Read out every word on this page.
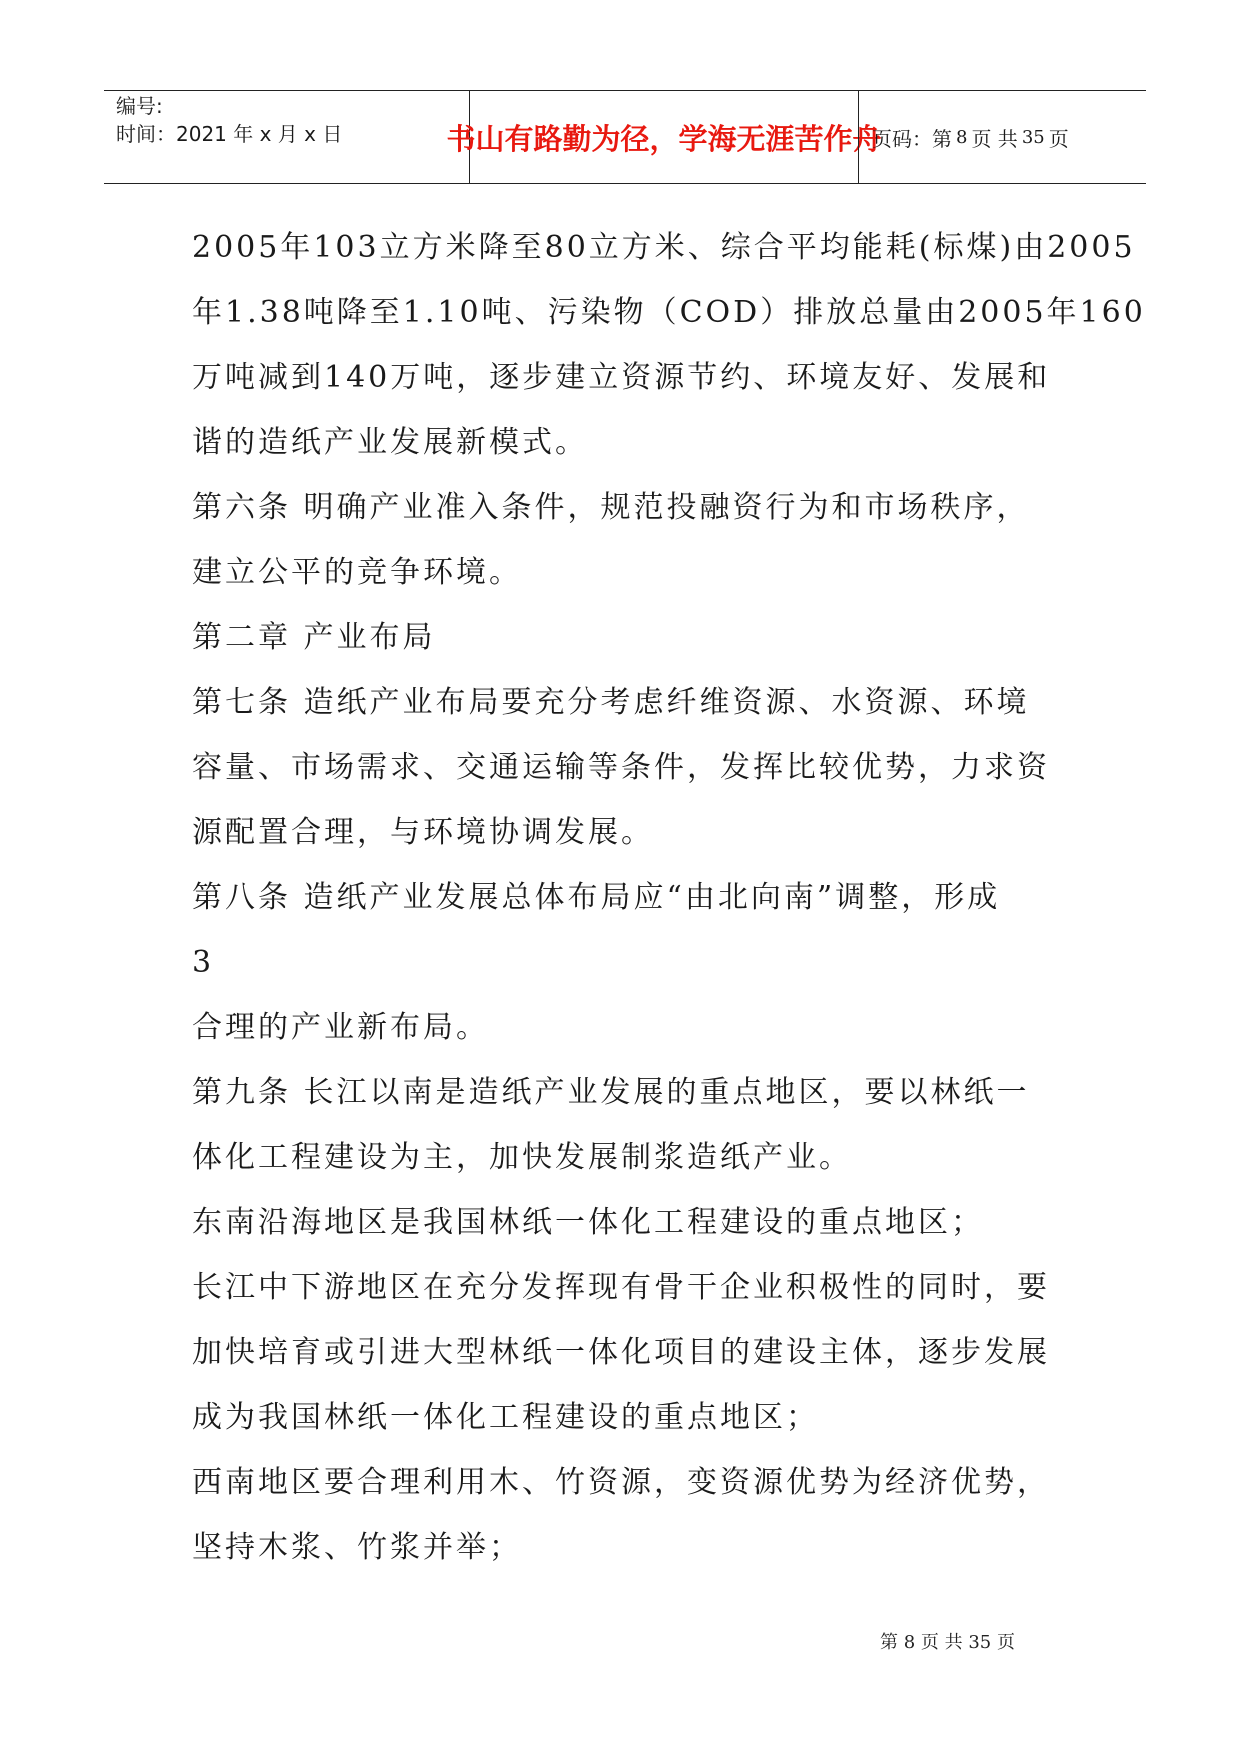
编号:
时间：2021 年 x 月 x 日	书山有路勤为径，学海无涯苦作舟
页码：第 8 页 共 35 页
2005年103立方米降至80立方米、综合平均能耗(标煤)由2005
年1.38吨降至1.10吨、污染物（COD）排放总量由2005年160
万吨减到140万吨，逐步建立资源节约、环境友好、发展和
谐的造纸产业发展新模式。
第六条 明确产业准入条件，规范投融资行为和市场秩序，
建立公平的竞争环境。
第二章 产业布局
第七条 造纸产业布局要充分考虑纤维资源、水资源、环境
容量、市场需求、交通运输等条件，发挥比较优势，力求资
源配置合理，与环境协调发展。
第八条 造纸产业发展总体布局应“由北向南”调整，形成
3
合理的产业新布局。
第九条 长江以南是造纸产业发展的重点地区，要以林纸一
体化工程建设为主，加快发展制浆造纸产业。
东南沿海地区是我国林纸一体化工程建设的重点地区；
长江中下游地区在充分发挥现有骨干企业积极性的同时，要
加快培育或引进大型林纸一体化项目的建设主体，逐步发展
成为我国林纸一体化工程建设的重点地区；
西南地区要合理利用木、竹资源，变资源优势为经济优势，
坚持木浆、竹浆并举；
第 8 页 共 35 页
